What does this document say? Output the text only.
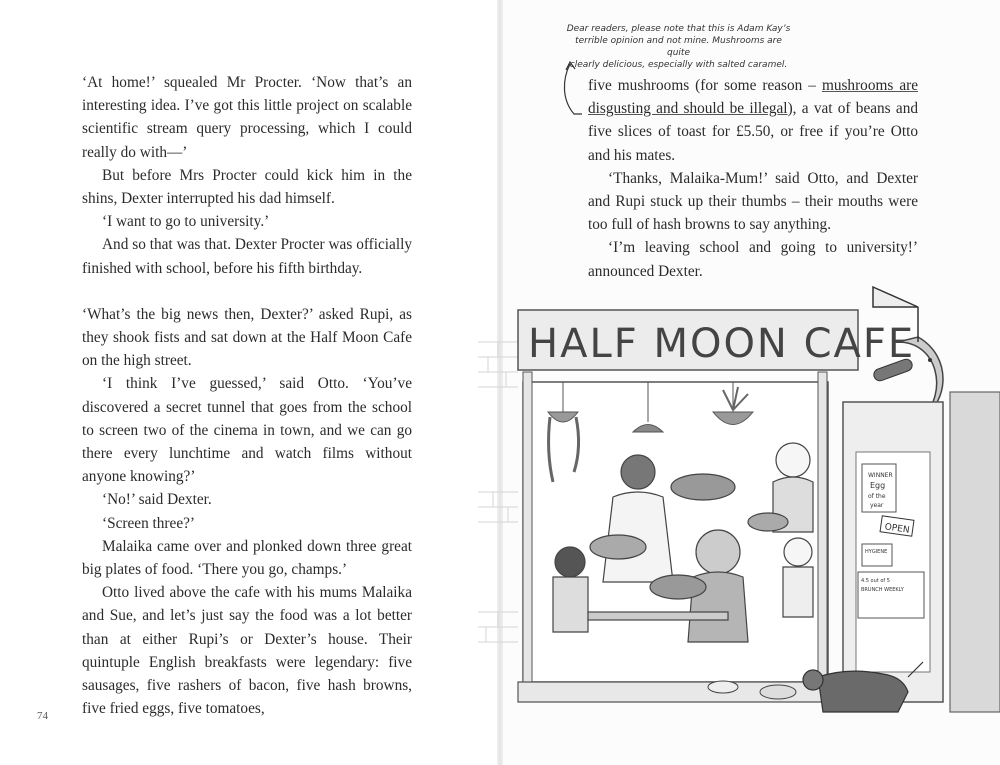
‘At home!’ squealed Mr Procter. ‘Now that’s an interesting idea. I’ve got this little project on scalable scientific stream query processing, which I could really do with—’

But before Mrs Procter could kick him in the shins, Dexter interrupted his dad himself.

‘I want to go to university.’

And so that was that. Dexter Procter was officially finished with school, before his fifth birthday.

‘What’s the big news then, Dexter?’ asked Rupi, as they shook fists and sat down at the Half Moon Cafe on the high street.

‘I think I’ve guessed,’ said Otto. ‘You’ve discovered a secret tunnel that goes from the school to screen two of the cinema in town, and we can go there every lunchtime and watch films without anyone knowing?’

‘No!’ said Dexter.

‘Screen three?’

Malaika came over and plonked down three great big plates of food. ‘There you go, champs.’

Otto lived above the cafe with his mums Malaika and Sue, and let’s just say the food was a lot better than at either Rupi’s or Dexter’s house. Their quintuple English breakfasts were legendary: five sausages, five rashers of bacon, five hash browns, five fried eggs, five tomatoes,

74
Dear readers, please note that this is Adam Kay’s
terrible opinion and not mine. Mushrooms are quite
clearly delicious, especially with salted caramel.

five mushrooms (for some reason – mushrooms are disgusting and should be illegal), a vat of beans and five slices of toast for £5.50, or free if you’re Otto and his mates.

‘Thanks, Malaika-Mum!’ said Otto, and Dexter and Rupi stuck up their thumbs – their mouths were too full of hash browns to say anything.

‘I’m leaving school and going to university!’ announced Dexter.

HALF MOON CAFE
WINNER
Egg
of the
year
OPEN
HYGIENE
4.5 out of 5
BRUNCH WEEKLY
